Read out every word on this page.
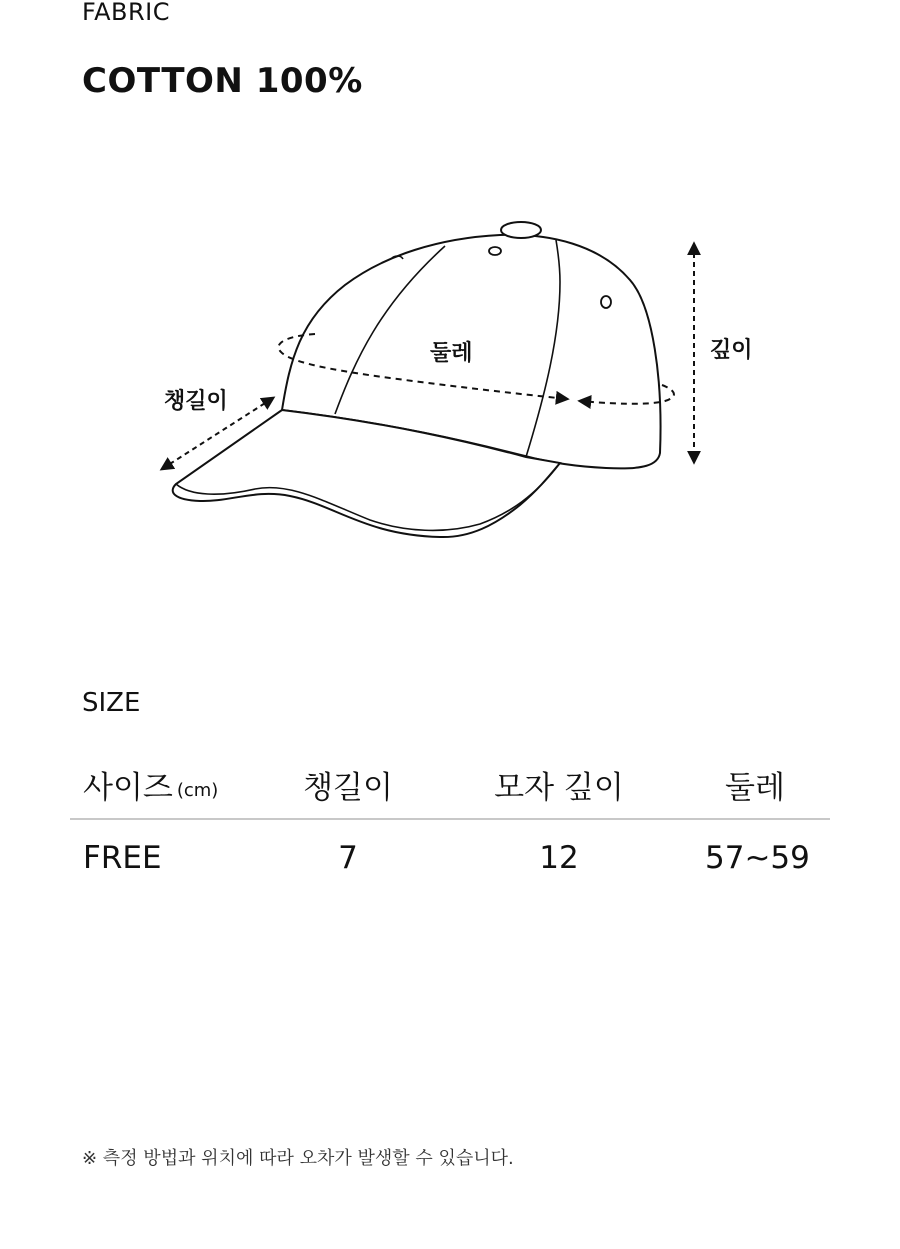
FABRIC
COTTON 100%
둘레	깊이
챙길이
SIZE
사이즈 (cm)	챙길이	모자 깊이	둘레
FREE	7	12	57~59
※ 측정 방법과 위치에 따라 오차가 발생할 수 있습니다.
